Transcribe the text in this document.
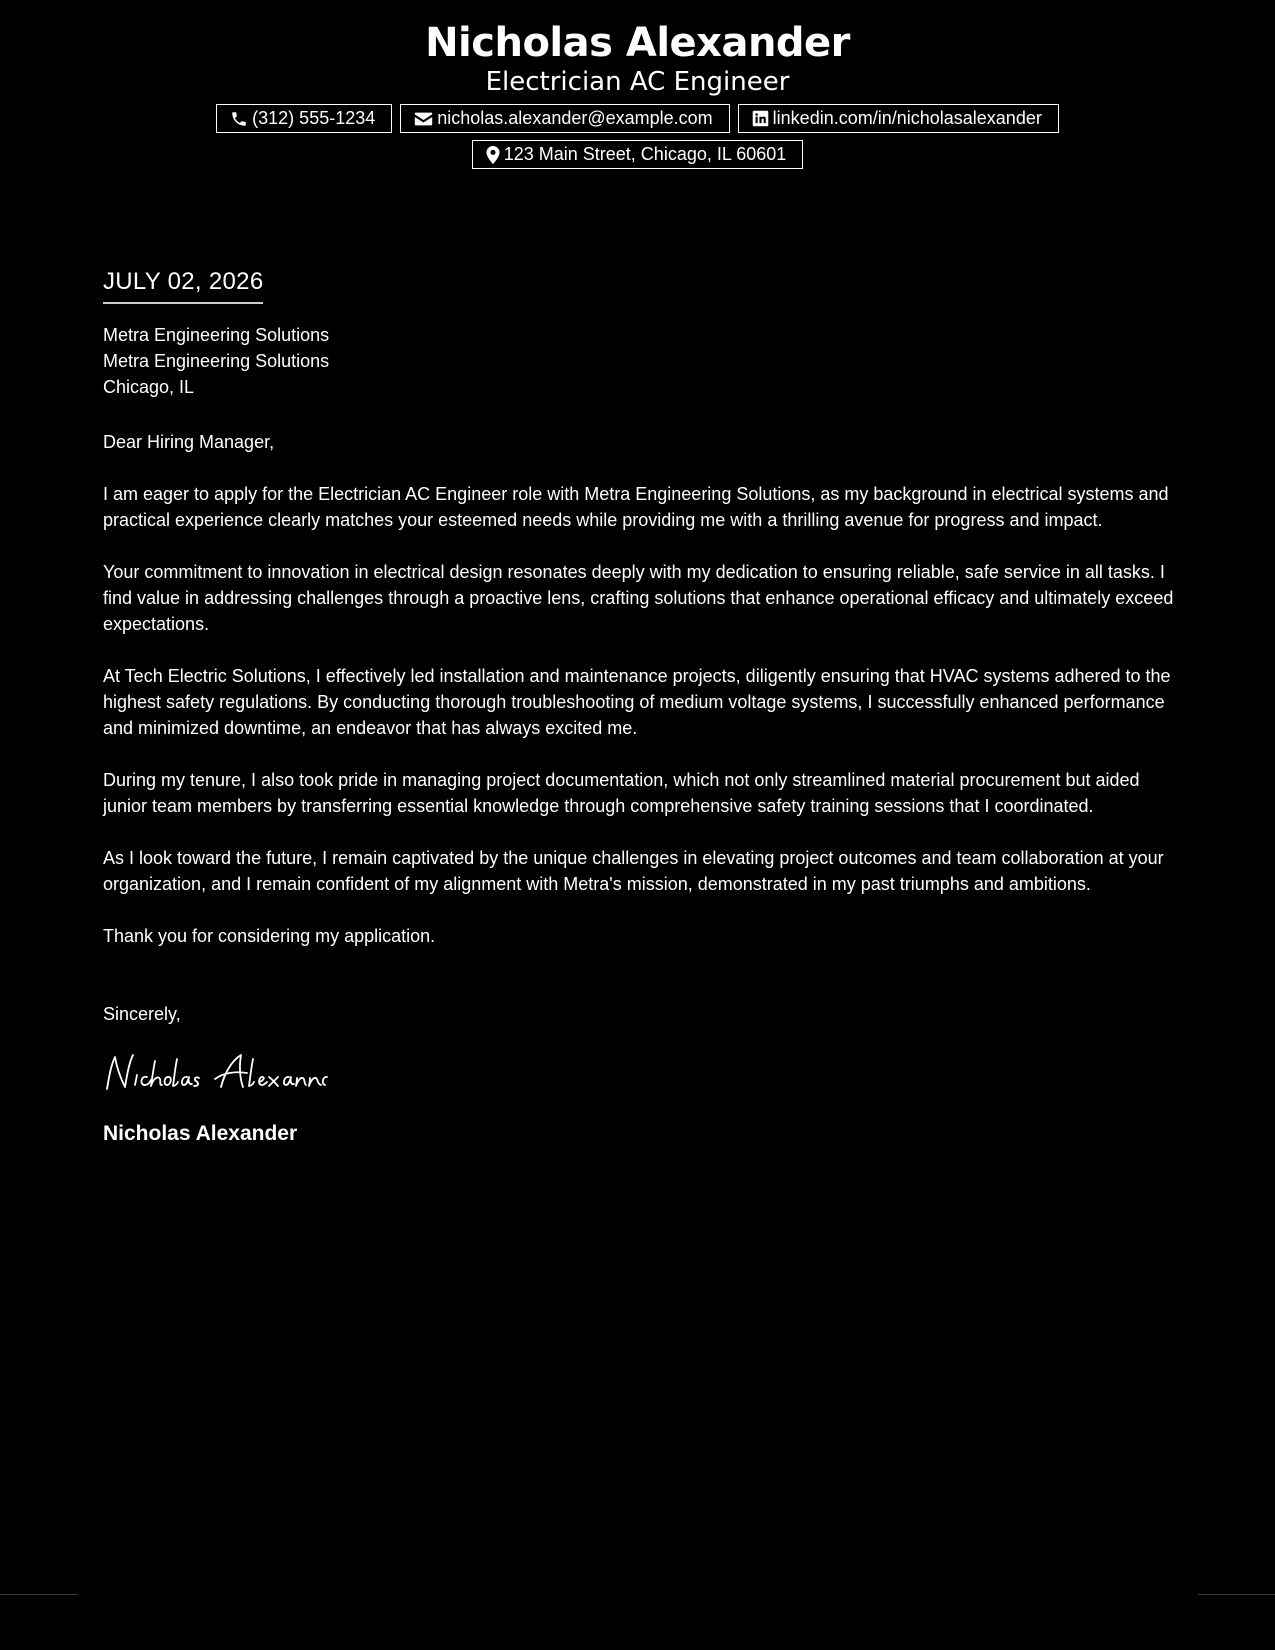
Nicholas Alexander
Electrician AC Engineer
(312) 555-1234	nicholas.alexander@example.com	linkedin.com/in/nicholasalexander
123 Main Street, Chicago, IL 60601
JULY 02, 2026
Metra Engineering Solutions
Metra Engineering Solutions
Chicago, IL
Dear Hiring Manager,
I am eager to apply for the Electrician AC Engineer role with Metra Engineering Solutions, as my background in electrical systems and practical experience clearly matches your esteemed needs while providing me with a thrilling avenue for progress and impact.
Your commitment to innovation in electrical design resonates deeply with my dedication to ensuring reliable, safe service in all tasks. I find value in addressing challenges through a proactive lens, crafting solutions that enhance operational efficacy and ultimately exceed expectations.
At Tech Electric Solutions, I effectively led installation and maintenance projects, diligently ensuring that HVAC systems adhered to the highest safety regulations. By conducting thorough troubleshooting of medium voltage systems, I successfully enhanced performance and minimized downtime, an endeavor that has always excited me.
During my tenure, I also took pride in managing project documentation, which not only streamlined material procurement but aided junior team members by transferring essential knowledge through comprehensive safety training sessions that I coordinated.
As I look toward the future, I remain captivated by the unique challenges in elevating project outcomes and team collaboration at your organization, and I remain confident of my alignment with Metra's mission, demonstrated in my past triumphs and ambitions.
Thank you for considering my application.
Sincerely,
Nicholas Alexander
